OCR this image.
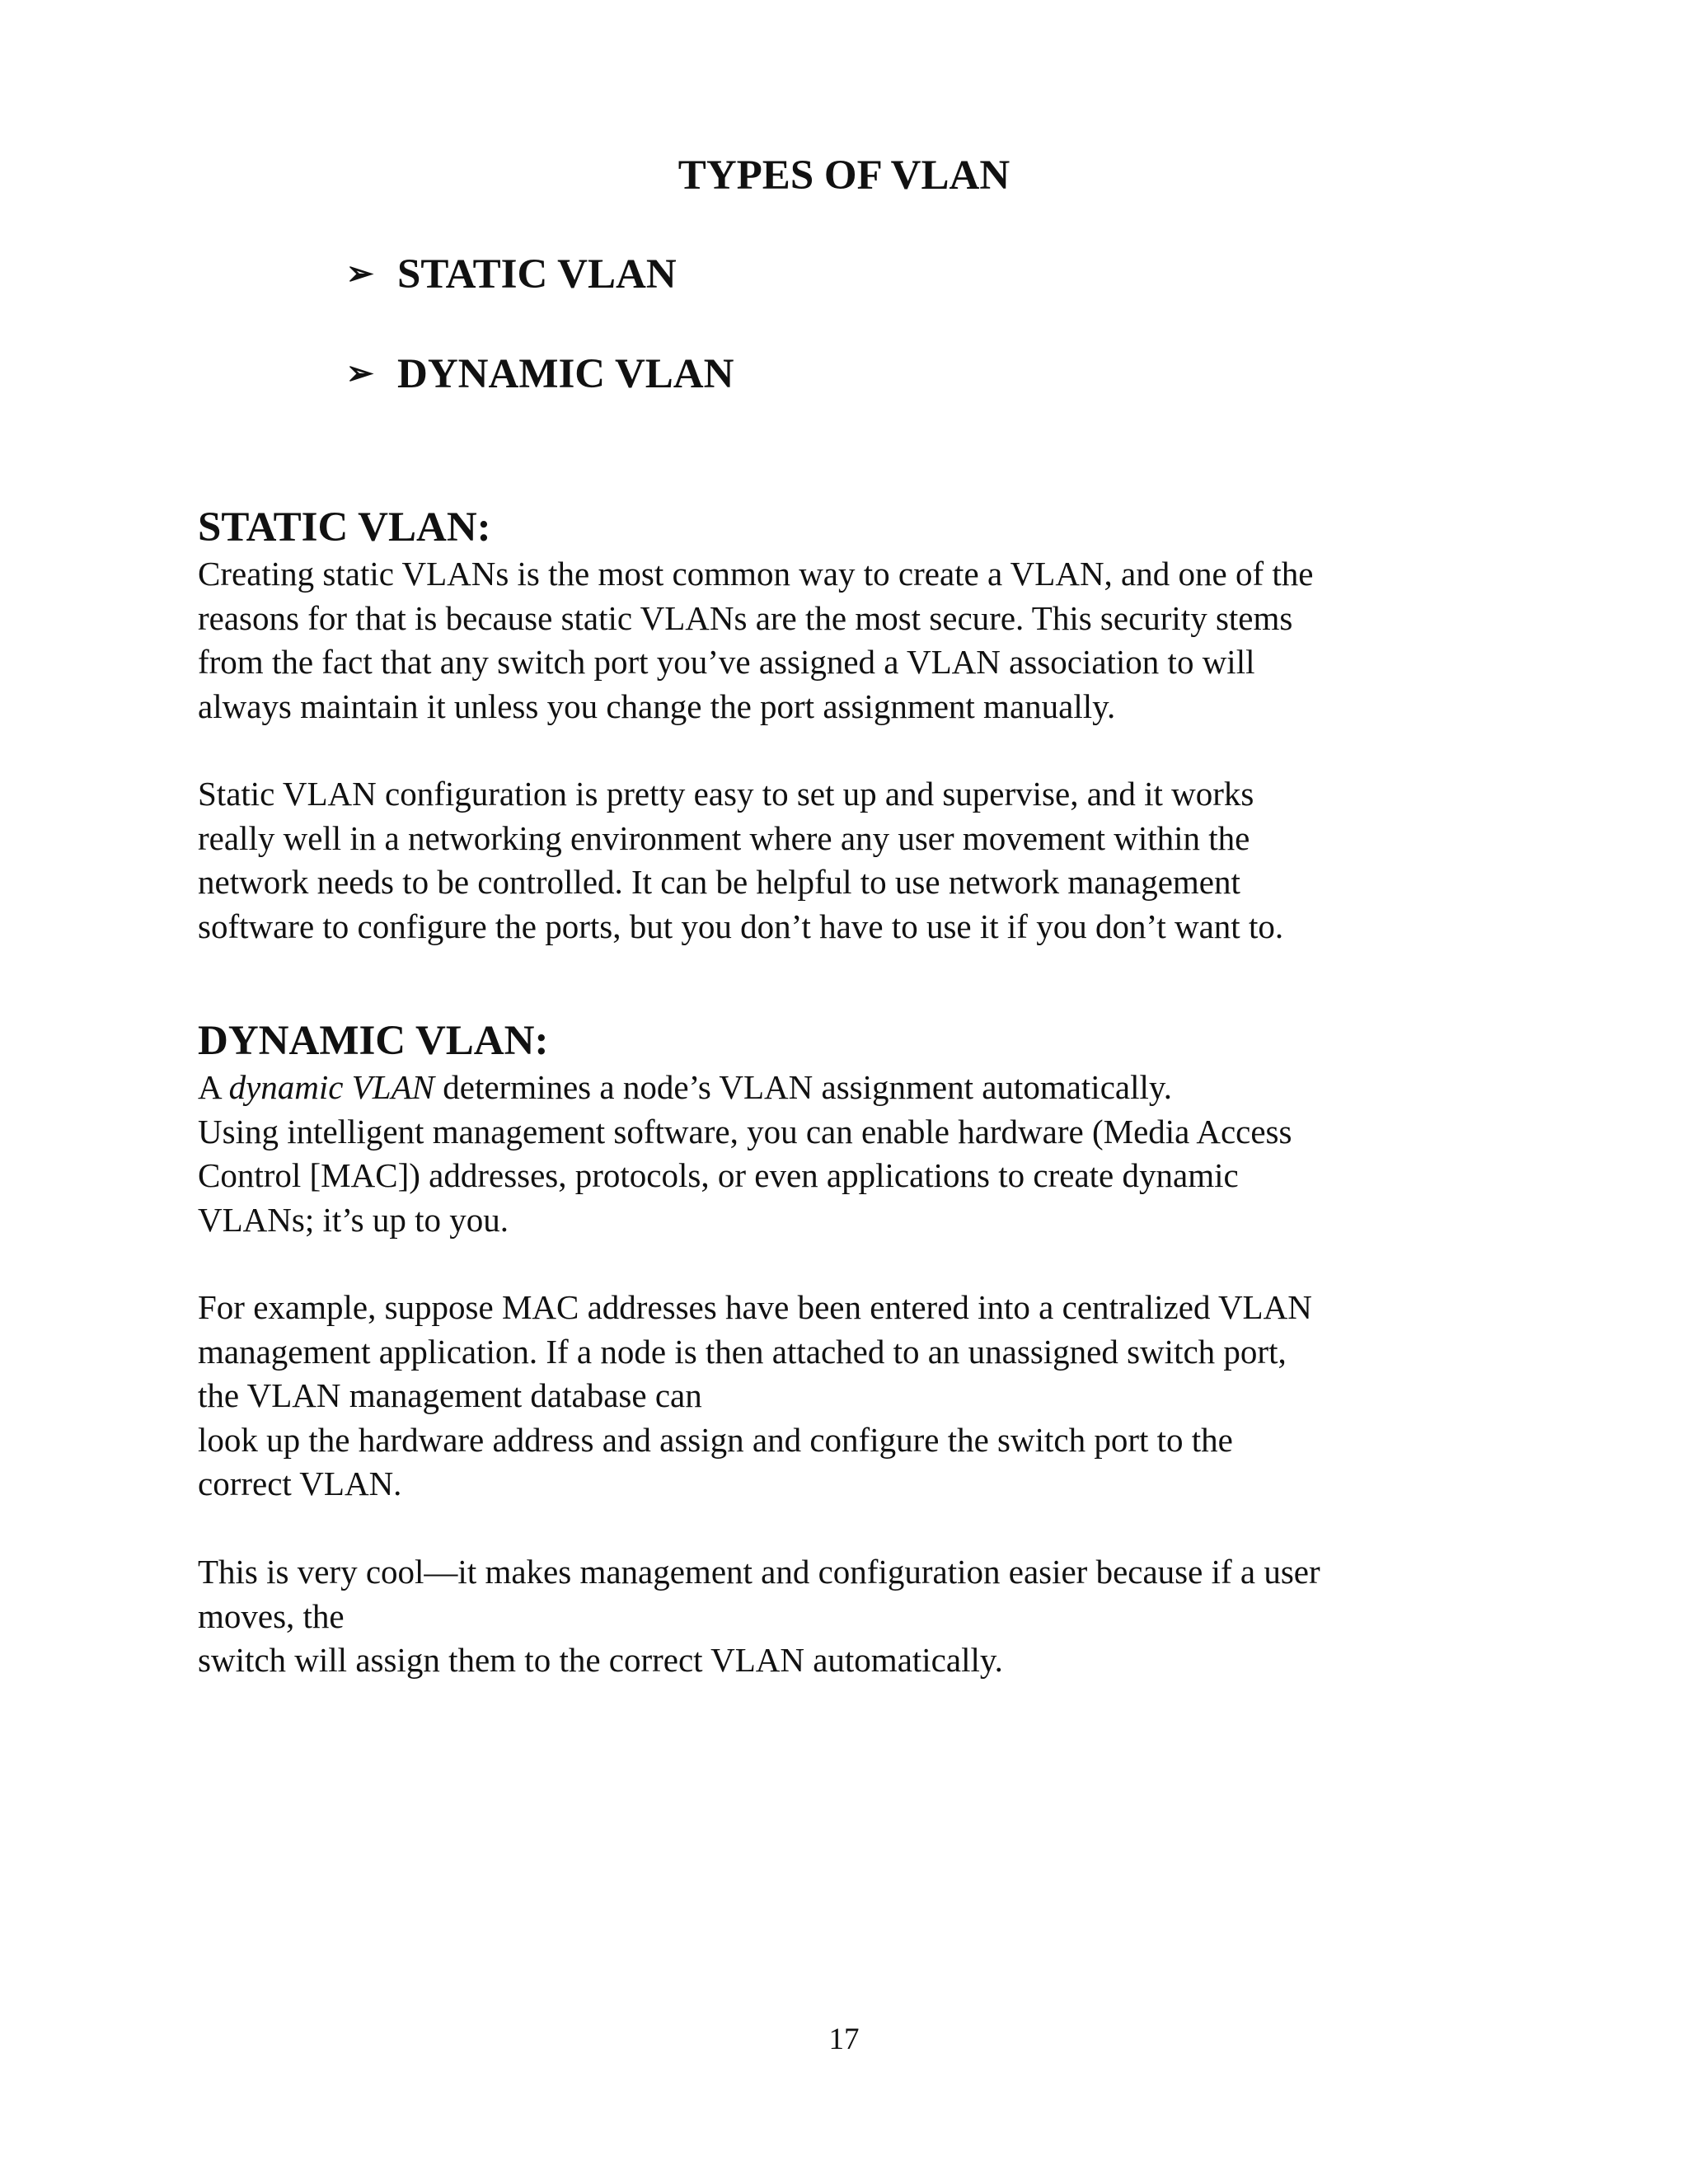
TYPES OF VLAN
➢ STATIC VLAN
➢ DYNAMIC VLAN
STATIC VLAN:

Creating static VLANs is the most common way to create a VLAN, and one of the
reasons for that is because static VLANs are the most secure. This security stems
from the fact that any switch port you’ve assigned a VLAN association to will
always maintain it unless you change the port assignment manually.

Static VLAN configuration is pretty easy to set up and supervise, and it works
really well in a networking environment where any user movement within the
network needs to be controlled. It can be helpful to use network management
software to configure the ports, but you don’t have to use it if you don’t want to.

DYNAMIC VLAN:

A dynamic VLAN determines a node’s VLAN assignment automatically.
Using intelligent management software, you can enable hardware (Media Access
Control [MAC]) addresses, protocols, or even applications to create dynamic
VLANs; it’s up to you.

For example, suppose MAC addresses have been entered into a centralized VLAN
management application. If a node is then attached to an unassigned switch port,
the VLAN management database can
look up the hardware address and assign and configure the switch port to the
correct VLAN.

This is very cool—it makes management and configuration easier because if a user
moves, the
switch will assign them to the correct VLAN automatically.

17
